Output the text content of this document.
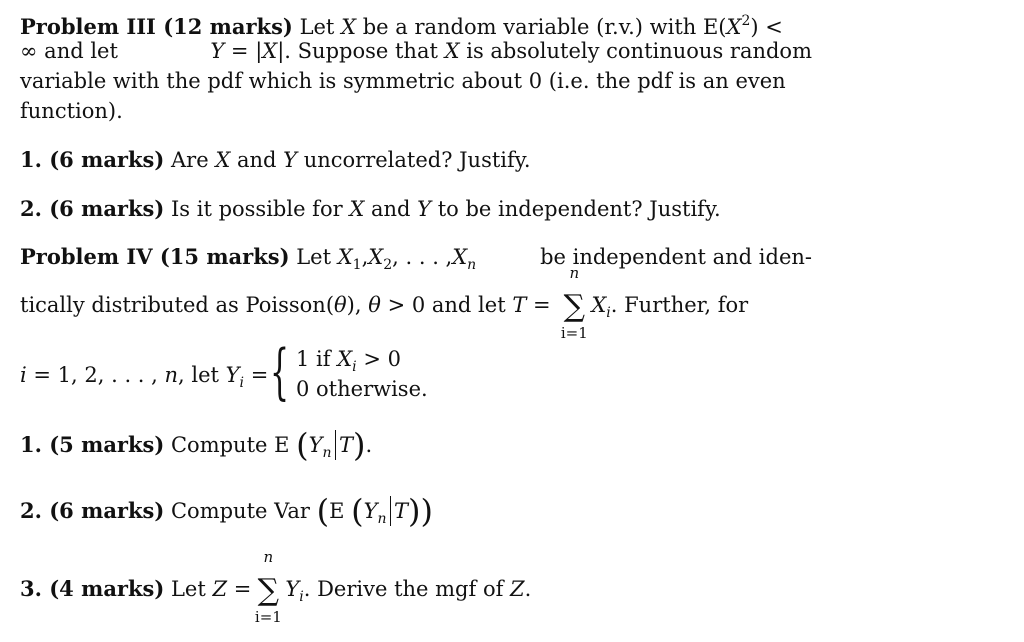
Problem III (12 marks) Let X be a random variable (r.v.) with $E(X^2)$ <
∞ and let	Y = |X|. Suppose that X is absolutely continuous random
variable with the pdf which is symmetric about 0 (i.e. the pdf is an even
function).
1. (6 marks) Are X and Y uncorrelated? Justify.
2. (6 marks) Is it possible for X and Y to be independent? Justify.
Problem IV (15 marks) Let $X_1,X_2$, . . . $,X_n$	be independent and iden-
tically distributed as Poisson(θ), θ > 0 and let T = ∑
n
i=1
$X_i$. Further, for
i = 1, 2, . . . , n, let $Y_i$ = { 1 if $X_i > 0$
0 otherwise.
1. (5 marks) Compute E ($Y_n$ T).
2. (6 marks) Compute Var (E ($Y_n$ T))
3. (4 marks) Let Z = ∑
n
i=1
$Y_i$. Derive the mgf of Z.
